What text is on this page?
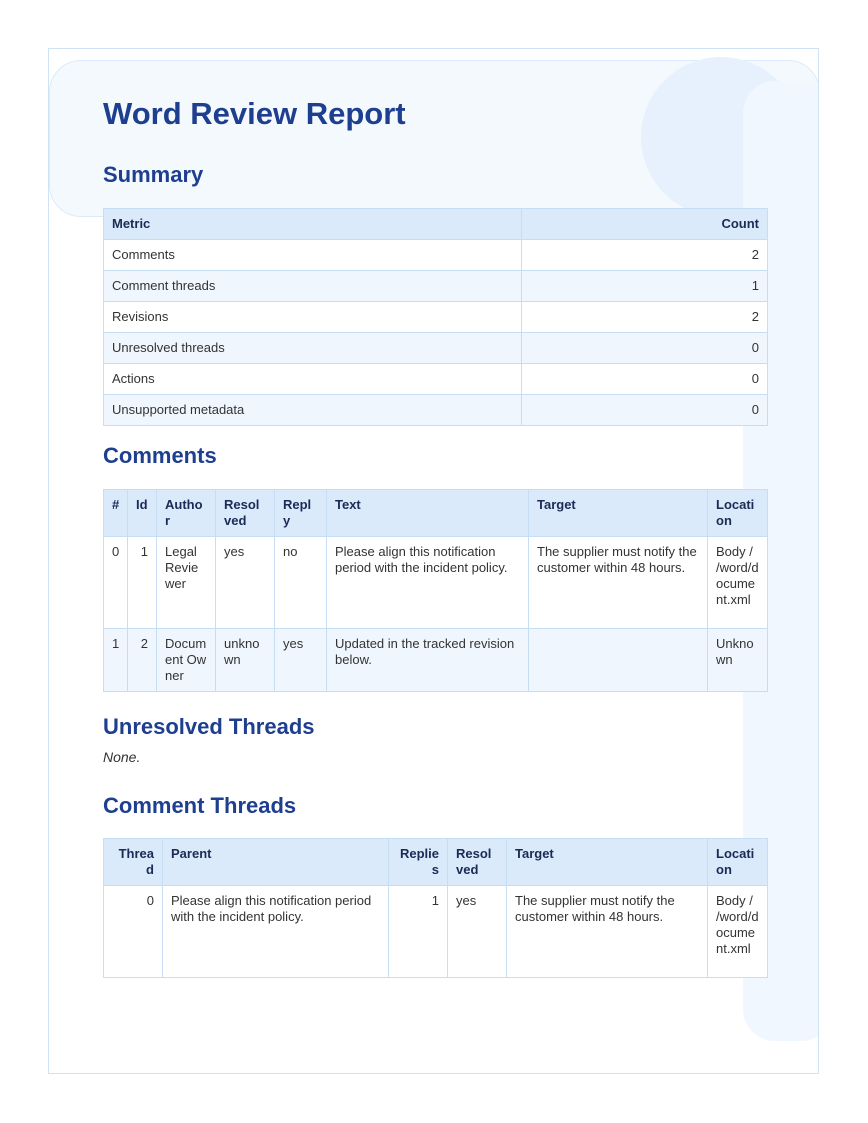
Word Review Report
Summary
Metric	Count
Comments	2
Comment threads	1
Revisions	2
Unresolved threads	0
Actions	0
Unsupported metadata	0
Comments
#	Id	Author	Resolved	Reply	Text	Target	Location
0	1	Legal Reviewer	yes	no	Please align this notification period with the incident policy.	The supplier must notify the customer within 48 hours.	Body / /word/document.xml
1	2	Document Owner	unknown	yes	Updated in the tracked revision below.		Unknown
Unresolved Threads

None.

Comment Threads
Thread	Parent	Replies	Resolved	Target	Location
0	Please align this notification period with the incident policy.	1	yes	The supplier must notify the customer within 48 hours.	Body / /word/document.xml
